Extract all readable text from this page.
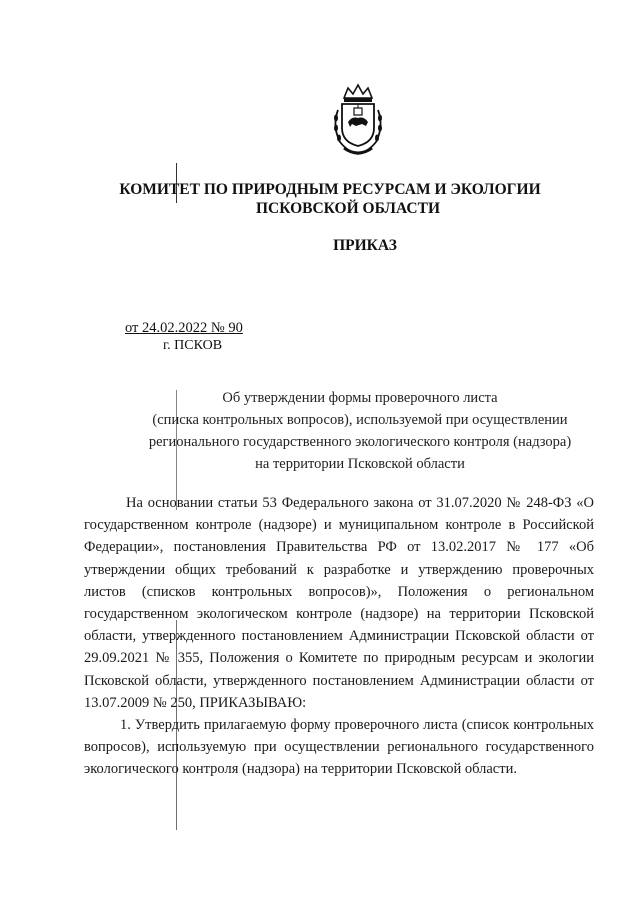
КОМИТЕТ ПО ПРИРОДНЫМ РЕСУРСАМ И ЭКОЛОГИИ
ПСКОВСКОЙ ОБЛАСТИ
ПРИКАЗ
от 24.02.2022 № 90
г. ПСКОВ
Об утверждении формы проверочного листа
(списка контрольных вопросов), используемой при осуществлении
регионального государственного экологического контроля (надзора)
на территории Псковской области

На основании статьи 53 Федерального закона от 31.07.2020 № 248-ФЗ «О государственном контроле (надзоре) и муниципальном контроле в Российской Федерации», постановления Правительства РФ от 13.02.2017 № 177 «Об утверждении общих требований к разработке и утверждению проверочных листов (списков контрольных вопросов)», Положения о региональном государственном экологическом контроле (надзоре) на территории Псковской области, утвержденного постановлением Администрации Псковской области от 29.09.2021 № 355, Положения о Комитете по природным ресурсам и экологии Псковской области, утвержденного постановлением Администрации области от 13.07.2009 № 250, ПРИКАЗЫВАЮ:

1. Утвердить прилагаемую форму проверочного листа (список контрольных вопросов), используемую при осуществлении регионального государственного экологического контроля (надзора) на территории Псковской области.
